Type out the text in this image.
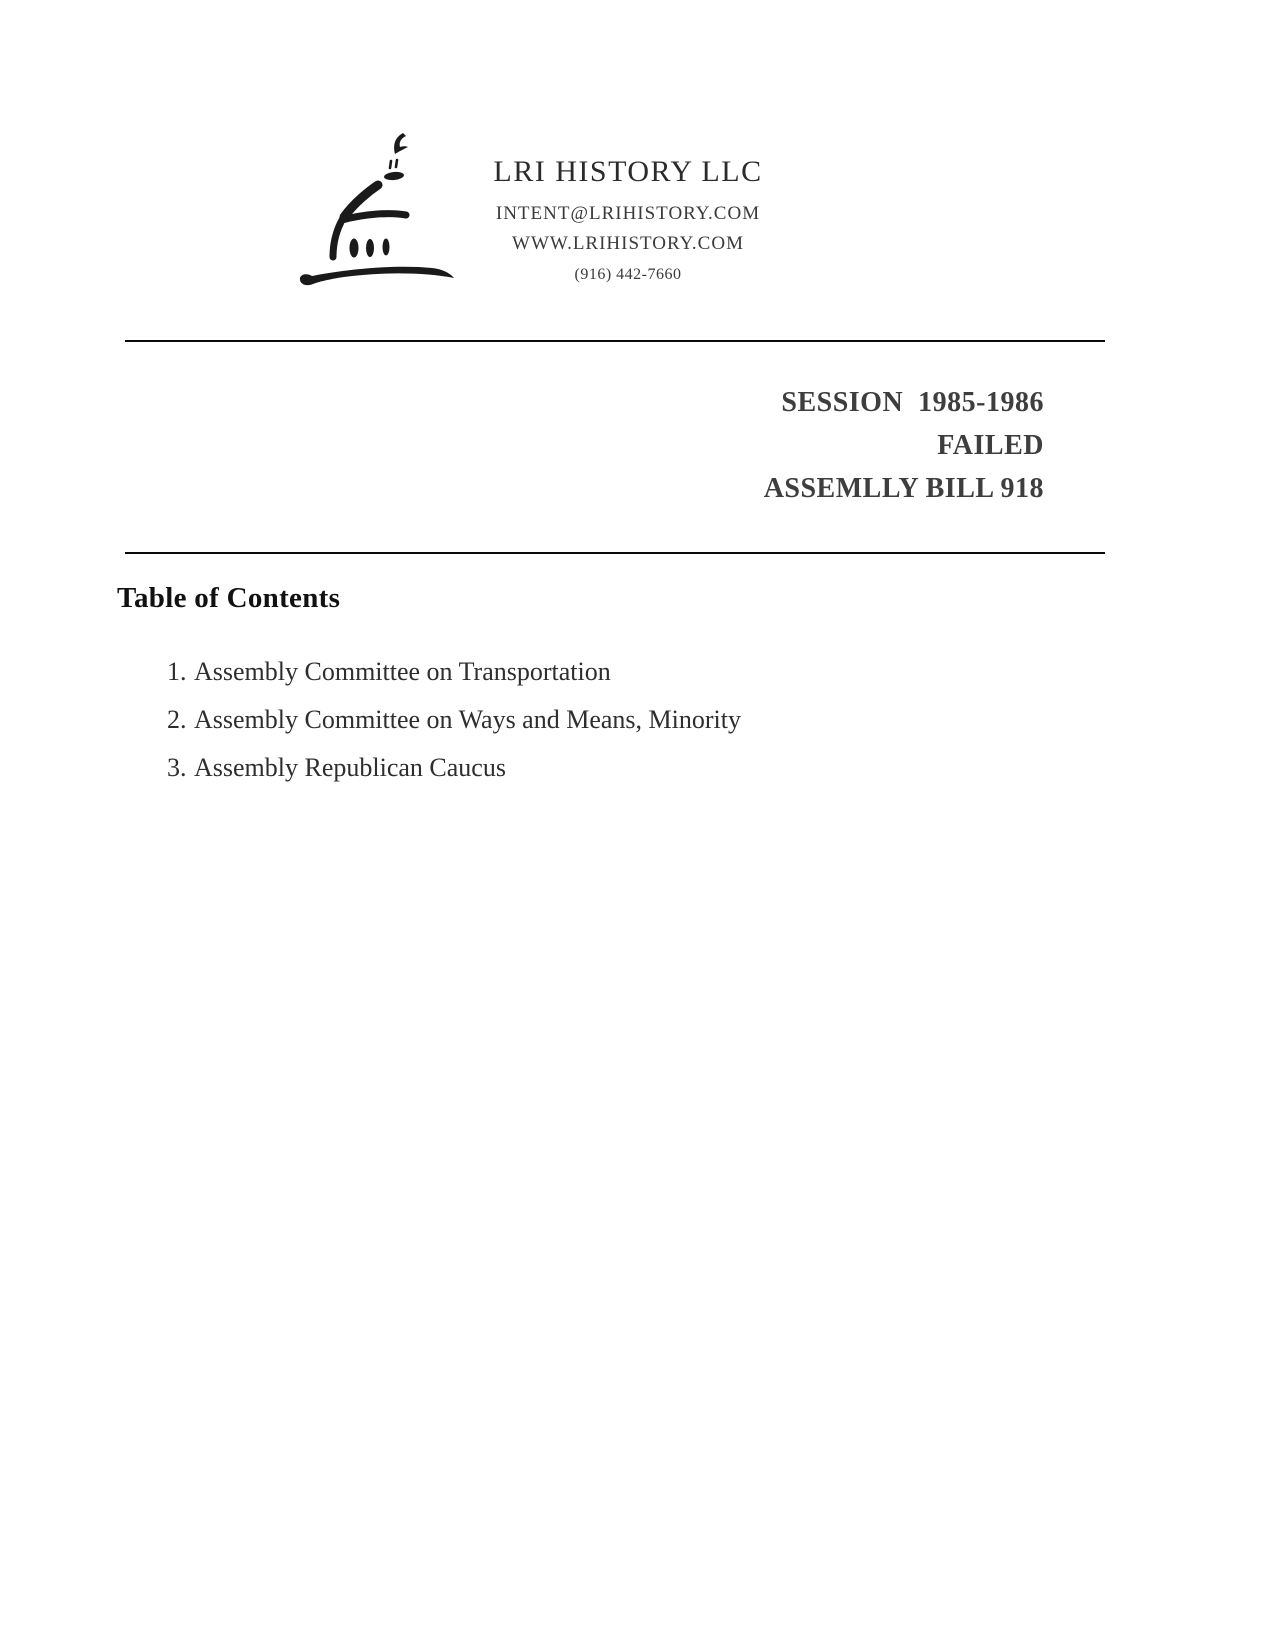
LRI HISTORY LLC
INTENT@LRIHISTORY.COM
WWW.LRIHISTORY.COM
(916) 442-7660
SESSION  1985-1986
FAILED
ASSEMLLY BILL 918
Table of Contents
1. Assembly Committee on Transportation
2. Assembly Committee on Ways and Means, Minority
3. Assembly Republican Caucus
